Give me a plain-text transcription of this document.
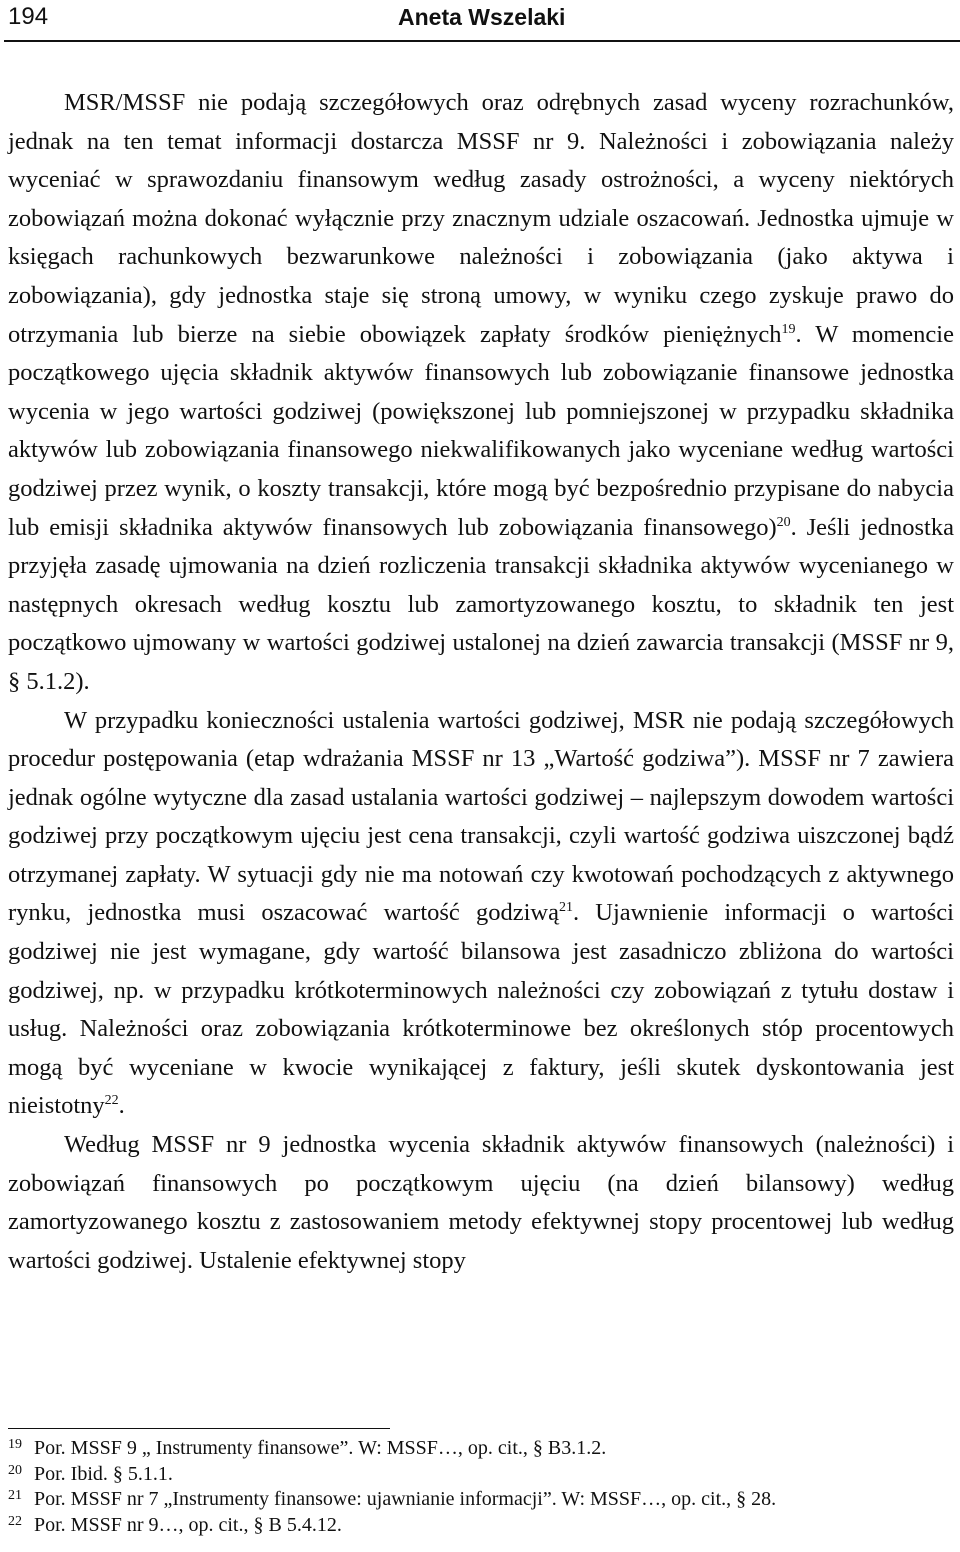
194	Aneta Wszelaki

MSR/MSSF nie podają szczegółowych oraz odrębnych zasad wyceny rozrachunków, jednak na ten temat informacji dostarcza MSSF nr 9. Należności i zobowiązania należy wyceniać w sprawozdaniu finansowym według zasady ostrożności, a wyceny niektórych zobowiązań można dokonać wyłącznie przy znacznym udziale oszacowań. Jednostka ujmuje w księgach rachunkowych bezwarunkowe należności i zobowiązania (jako aktywa i zobowiązania), gdy jednostka staje się stroną umowy, w wyniku czego zyskuje prawo do otrzymania lub bierze na siebie obowiązek zapłaty środków pieniężnych$^{19}$. W momencie początkowego ujęcia składnik aktywów finansowych lub zobowiązanie finansowe jednostka wycenia w jego wartości godziwej (powiększonej lub pomniejszonej w przypadku składnika aktywów lub zobowiązania finansowego niekwalifikowanych jako wyceniane według wartości godziwej przez wynik, o koszty transakcji, które mogą być bezpośrednio przypisane do nabycia lub emisji składnika aktywów finansowych lub zobowiązania finansowego)$^{20}$. Jeśli jednostka przyjęła zasadę ujmowania na dzień rozliczenia transakcji składnika aktywów wycenianego w następnych okresach według kosztu lub zamortyzowanego kosztu, to składnik ten jest początkowo ujmowany w wartości godziwej ustalonej na dzień zawarcia transakcji (MSSF nr 9, § 5.1.2).

W przypadku konieczności ustalenia wartości godziwej, MSR nie podają szczegółowych procedur postępowania (etap wdrażania MSSF nr 13 „Wartość godziwa”). MSSF nr 7 zawiera jednak ogólne wytyczne dla zasad ustalania wartości godziwej – najlepszym dowodem wartości godziwej przy początkowym ujęciu jest cena transakcji, czyli wartość godziwa uiszczonej bądź otrzymanej zapłaty. W sytuacji gdy nie ma notowań czy kwotowań pochodzących z aktywnego rynku, jednostka musi oszacować wartość godziwą$^{21}$. Ujawnienie informacji o wartości godziwej nie jest wymagane, gdy wartość bilansowa jest zasadniczo zbliżona do wartości godziwej, np. w przypadku krótkoterminowych należności czy zobowiązań z tytułu dostaw i usług. Należności oraz zobowiązania krótkoterminowe bez określonych stóp procentowych mogą być wyceniane w kwocie wynikającej z faktury, jeśli skutek dyskontowania jest nieistotny$^{22}$.

Według MSSF nr 9 jednostka wycenia składnik aktywów finansowych (należności) i zobowiązań finansowych po początkowym ujęciu (na dzień bilansowy) według zamortyzowanego kosztu z zastosowaniem metody efektywnej stopy procentowej lub według wartości godziwej. Ustalenie efektywnej stopy

19 Por. MSSF 9 „ Instrumenty finansowe”. W: MSSF…, op. cit., § B3.1.2.
20 Por. Ibid. § 5.1.1.
21 Por. MSSF nr 7 „Instrumenty finansowe: ujawnianie informacji”. W: MSSF…, op. cit., § 28.
22 Por. MSSF nr 9…, op. cit., § B 5.4.12.
